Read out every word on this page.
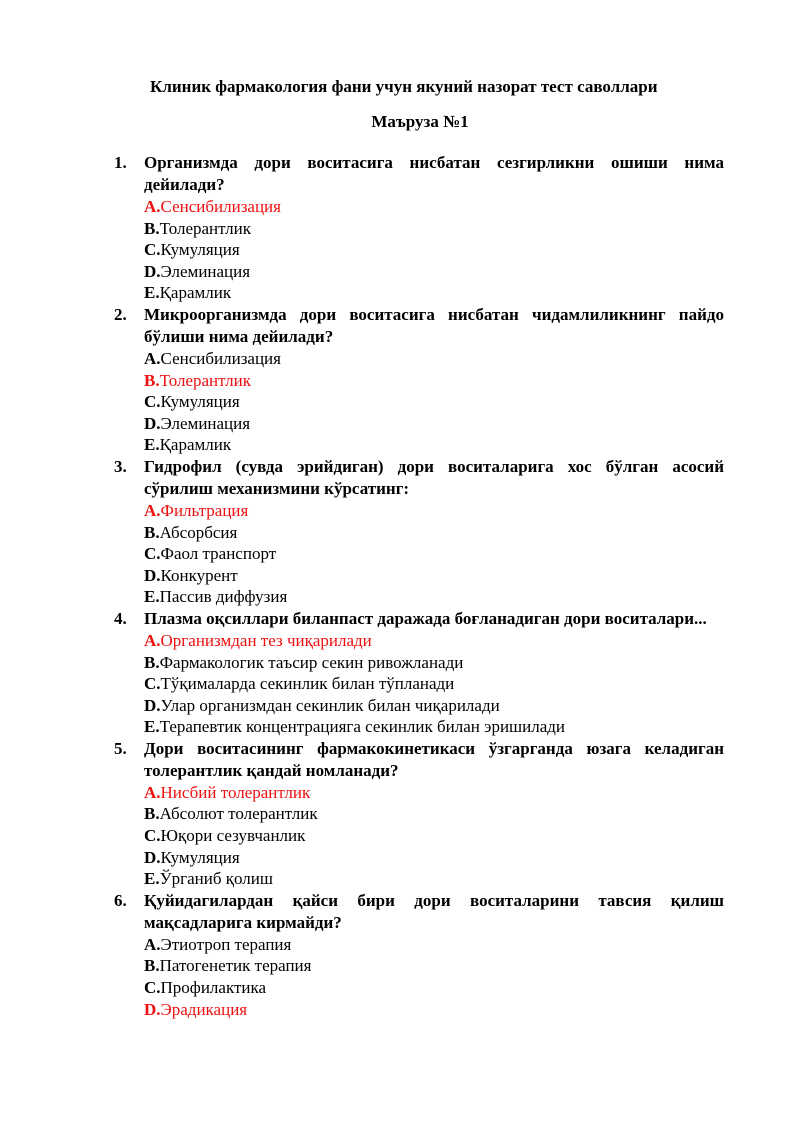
Клиник фармакология фани учун якуний назорат тест саволлари
Маъруза №1
1. Организмда дори воситасига нисбатан сезгирликни ошиши нима дейилади?
A.Сенсибилизация
B.Толерантлик
C.Кумуляция
D.Элеминация
E.Қарамлик
2. Микроорганизмда дори воситасига нисбатан чидамлиликнинг пайдо бўлиши нима дейилади?
A.Сенсибилизация
B.Толерантлик
C.Кумуляция
D.Элеминация
E.Қарамлик
3. Гидрофил (сувда эрийдиган) дори воситаларига хос бўлган асосий сўрилиш механизмини кўрсатинг:
A.Фильтрация
B.Абсорбсия
C.Фаол транспорт
D.Конкурент
E.Пассив диффузия
4. Плазма оқсиллари биланпаст даражада боғланадиган дори воситалари...
A.Организмдан тез чиқарилади
B.Фармакологик таъсир секин ривожланади
C.Тўқималарда секинлик билан тўпланади
D.Улар организмдан секинлик билан чиқарилади
E.Терапевтик концентрацияга секинлик билан эришилади
5. Дори воситасининг фармакокинетикаси ўзгарганда юзага келадиган толерантлик қандай номланади?
A.Нисбий толерантлик
B.Абсолют толерантлик
C.Юқори сезувчанлик
D.Кумуляция
E.Ўрганиб қолиш
6. Қуйидагилардан қайси бири дори воситаларини тавсия қилиш мақсадларига кирмайди?
A.Этиотроп терапия
B.Патогенетик терапия
C.Профилактика
D.Эрадикация
